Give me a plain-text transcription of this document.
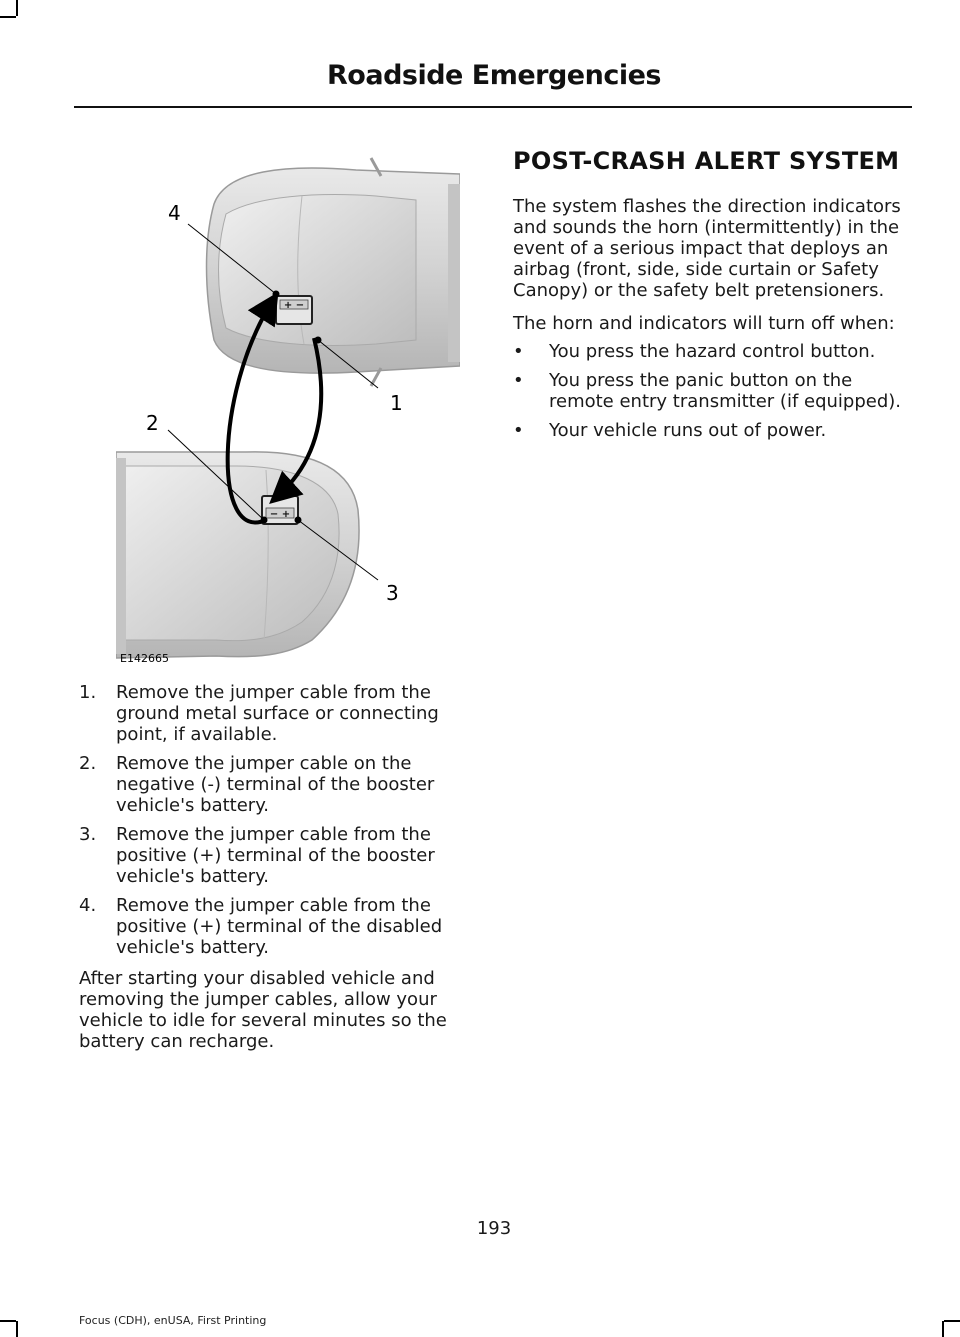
Roadside Emergencies
+ −
− +
4
1
2
3
E142665
1. Remove the jumper cable from the ground metal surface or connecting point, if available.
2. Remove the jumper cable on the negative (-) terminal of the booster vehicle's battery.
3. Remove the jumper cable from the positive (+) terminal of the booster vehicle's battery.
4. Remove the jumper cable from the positive (+) terminal of the disabled vehicle's battery.

After starting your disabled vehicle and removing the jumper cables, allow your vehicle to idle for several minutes so the battery can recharge.

POST-CRASH ALERT SYSTEM

The system flashes the direction indicators and sounds the horn (intermittently) in the event of a serious impact that deploys an airbag (front, side, side curtain or Safety Canopy) or the safety belt pretensioners.

The horn and indicators will turn off when:

• You press the hazard control button.
• You press the panic button on the remote entry transmitter (if equipped).
• Your vehicle runs out of power.
193
Focus (CDH), enUSA, First Printing
